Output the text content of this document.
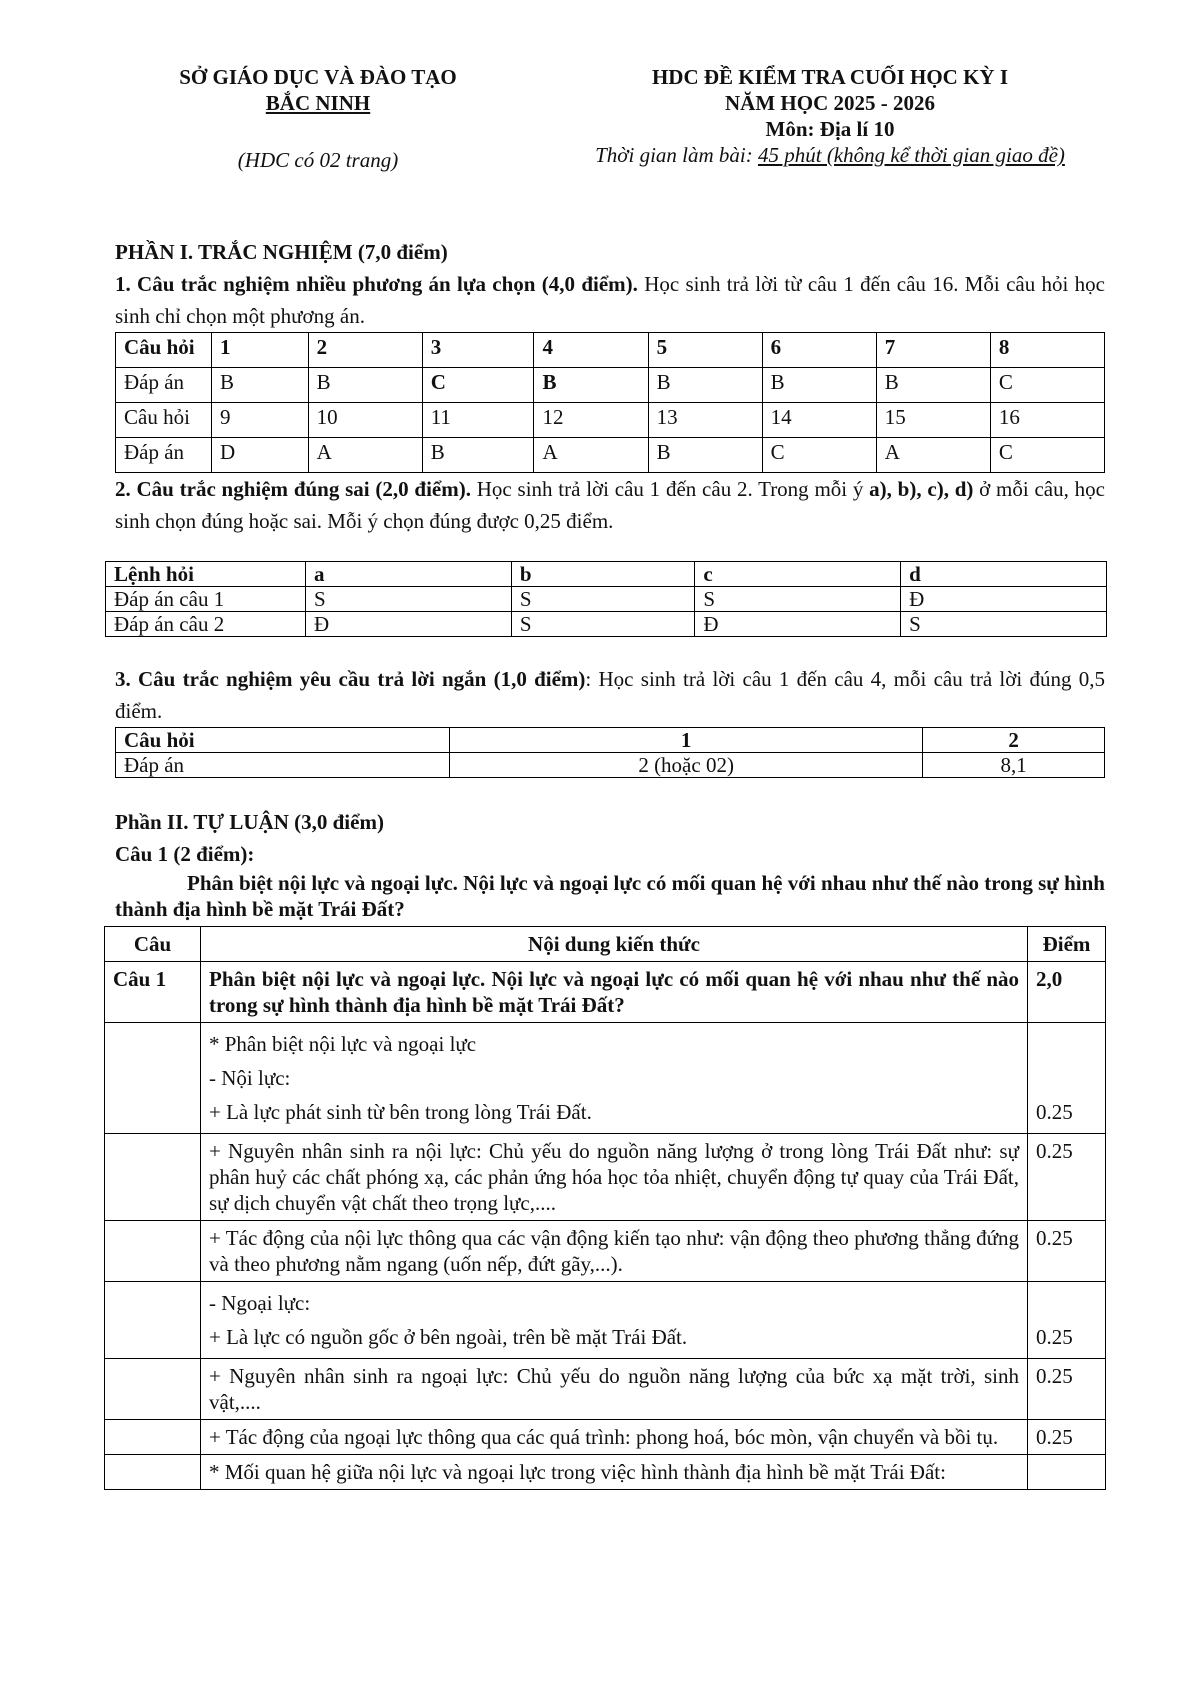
SỞ GIÁO DỤC VÀ ĐÀO TẠO
BẮC NINH
(HDC có 02 trang)
HDC ĐỀ KIỂM TRA CUỐI HỌC KỲ I
NĂM HỌC 2025 - 2026
Môn: Địa lí 10
Thời gian làm bài: 45 phút (không kể thời gian giao đề)
PHẦN I. TRẮC NGHIỆM (7,0 điểm)
1. Câu trắc nghiệm nhiều phương án lựa chọn (4,0 điểm). Học sinh trả lời từ câu 1 đến câu 16. Mỗi câu hỏi học sinh chỉ chọn một phương án.
Câu hỏi	1	2	3	4	5	6	7	8
Đáp án	B	B	C	B	B	B	B	C
Câu hỏi	9	10	11	12	13	14	15	16
Đáp án	D	A	B	A	B	C	A	C
2. Câu trắc nghiệm đúng sai (2,0 điểm). Học sinh trả lời câu 1 đến câu 2. Trong mỗi ý a), b), c), d) ở mỗi câu, học sinh chọn đúng hoặc sai. Mỗi ý chọn đúng được 0,25 điểm.
Lệnh hỏi	a	b	c	d
Đáp án câu 1	S	S	S	Đ
Đáp án câu 2	Đ	S	Đ	S
3. Câu trắc nghiệm yêu cầu trả lời ngắn (1,0 điểm): Học sinh trả lời câu 1 đến câu 4, mỗi câu trả lời đúng 0,5 điểm.
Câu hỏi	1	2
Đáp án	2 (hoặc 02)	8,1
Phần II. TỰ LUẬN (3,0 điểm)
Câu 1 (2 điểm):
Phân biệt nội lực và ngoại lực. Nội lực và ngoại lực có mối quan hệ với nhau như thế nào trong sự hình thành địa hình bề mặt Trái Đất?
Câu	Nội dung kiến thức	Điểm
Câu 1	Phân biệt nội lực và ngoại lực. Nội lực và ngoại lực có mối quan hệ với nhau như thế nào trong sự hình thành địa hình bề mặt Trái Đất?	2,0

	* Phân biệt nội lực và ngoại lực
- Nội lực:
+ Là lực phát sinh từ bên trong lòng Trái Đất.	0.25

	+ Nguyên nhân sinh ra nội lực: Chủ yếu do nguồn năng lượng ở trong lòng Trái Đất như: sự phân huỷ các chất phóng xạ, các phản ứng hóa học tỏa nhiệt, chuyển động tự quay của Trái Đất, sự dịch chuyển vật chất theo trọng lực,....	0.25
	+ Tác động của nội lực thông qua các vận động kiến tạo như: vận động theo phương thẳng đứng và theo phương nằm ngang (uốn nếp, đứt gãy,...).	0.25

	- Ngoại lực:
+ Là lực có nguồn gốc ở bên ngoài, trên bề mặt Trái Đất.	0.25

	+ Nguyên nhân sinh ra ngoại lực: Chủ yếu do nguồn năng lượng của bức xạ mặt trời, sinh vật,....	0.25
	+ Tác động của ngoại lực thông qua các quá trình: phong hoá, bóc mòn, vận chuyển và bồi tụ.	0.25
	* Mối quan hệ giữa nội lực và ngoại lực trong việc hình thành địa hình bề mặt Trái Đất:	
